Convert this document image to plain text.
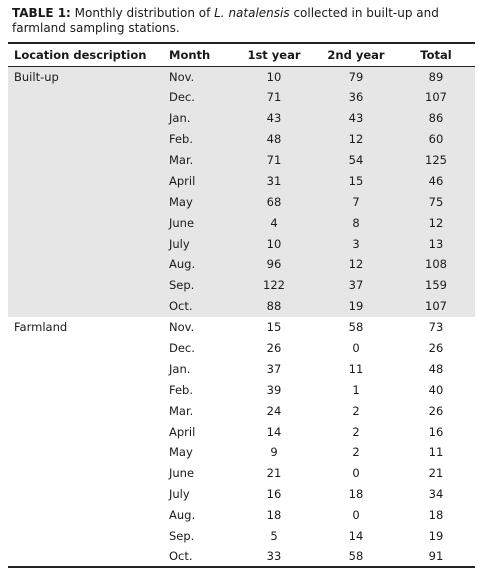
TABLE 1: Monthly distribution of L. natalensis collected in built-up and farmland sampling stations.
Location description	Month	1st year	2nd year	Total
Built-up	Nov.	10	79	89
	Dec.	71	36	107
	Jan.	43	43	86
	Feb.	48	12	60
	Mar.	71	54	125
	April	31	15	46
	May	68	7	75
	June	4	8	12
	July	10	3	13
	Aug.	96	12	108
	Sep.	122	37	159
	Oct.	88	19	107
Farmland	Nov.	15	58	73
	Dec.	26	0	26
	Jan.	37	11	48
	Feb.	39	1	40
	Mar.	24	2	26
	April	14	2	16
	May	9	2	11
	June	21	0	21
	July	16	18	34
	Aug.	18	0	18
	Sep.	5	14	19
	Oct.	33	58	91
